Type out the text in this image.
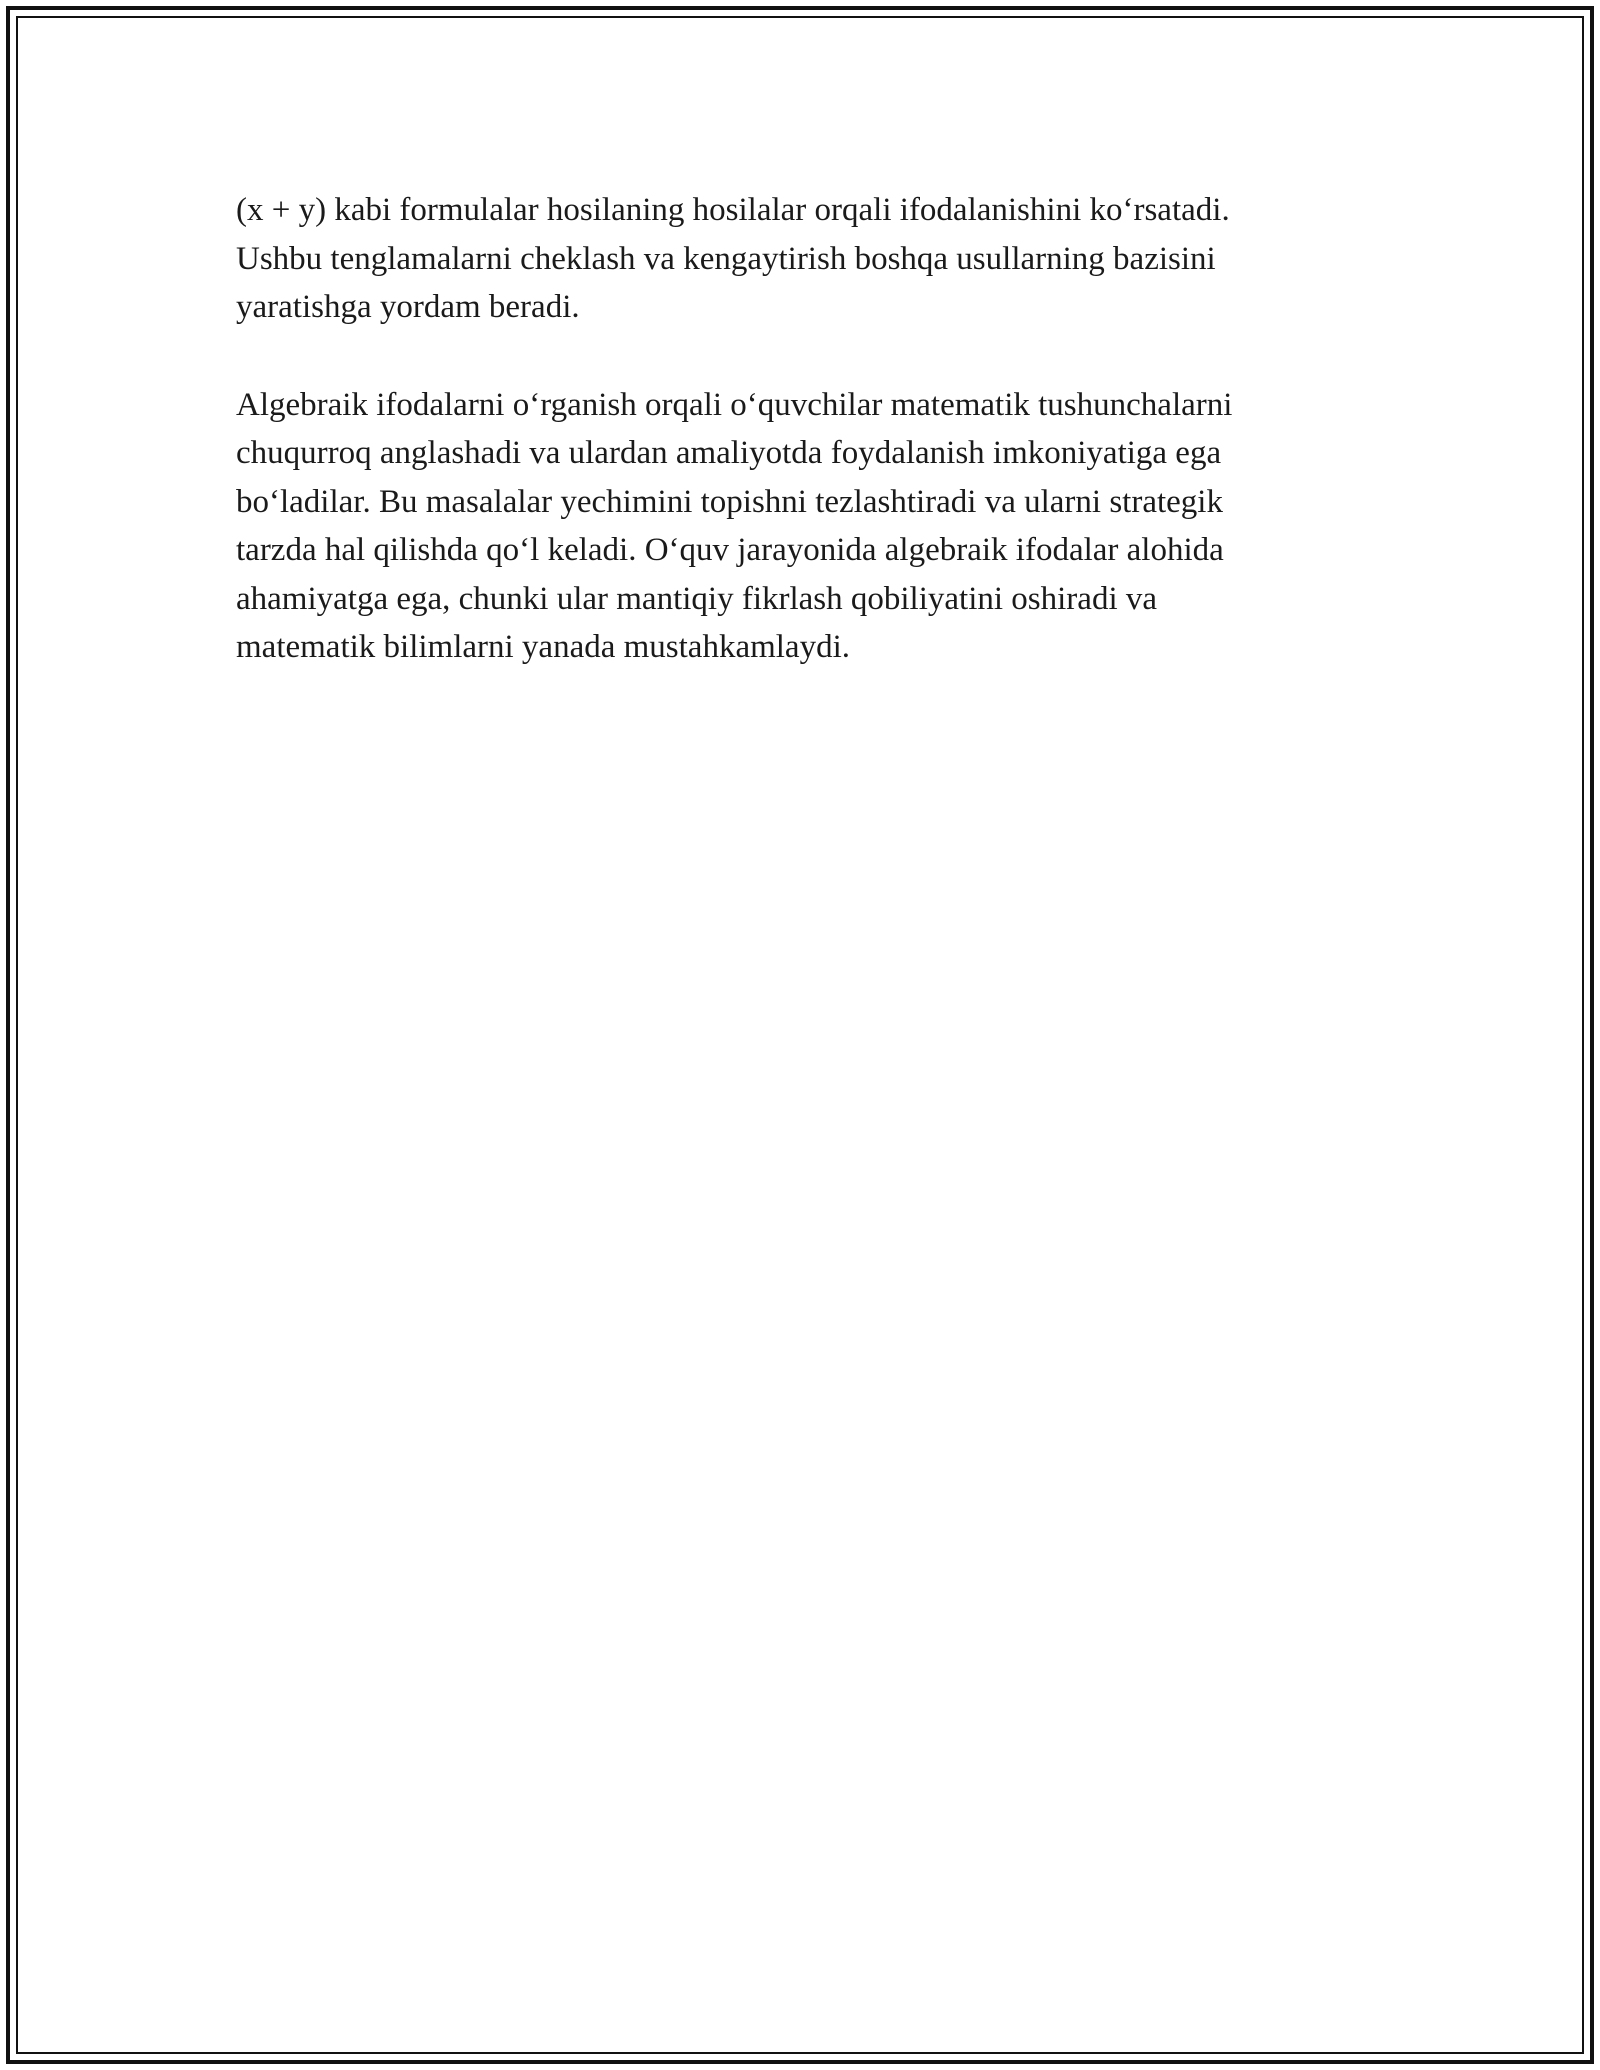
(x + y) kabi formulalar hosilaning hosilalar orqali ifodalanishini koʻrsatadi.
Ushbu tenglamalarni cheklash va kengaytirish boshqa usullarning bazisini
yaratishga yordam beradi.

Algebraik ifodalarni oʻrganish orqali oʻquvchilar matematik tushunchalarni
chuqurroq anglashadi va ulardan amaliyotda foydalanish imkoniyatiga ega
boʻladilar. Bu masalalar yechimini topishni tezlashtiradi va ularni strategik
tarzda hal qilishda qoʻl keladi. Oʻquv jarayonida algebraik ifodalar alohida
ahamiyatga ega, chunki ular mantiqiy fikrlash qobiliyatini oshiradi va
matematik bilimlarni yanada mustahkamlaydi.
